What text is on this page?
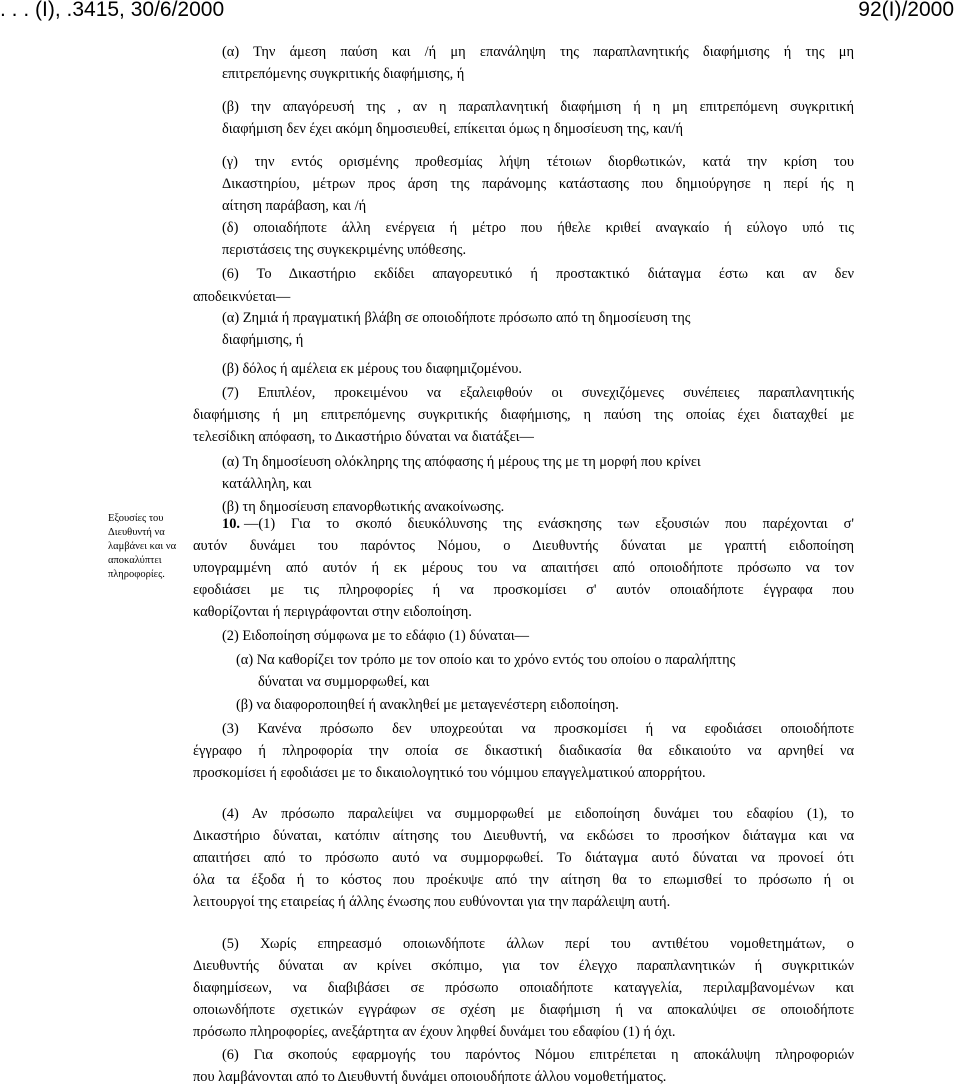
. . . (Ι), .3415, 30/6/2000	92(Ι)/2000
Εξουσίες του
Διευθυντή να
λαμβάνει και να
αποκαλύπτει
πληροφορίες.
(α) Την άμεση παύση και /ή μη επανάληψη της παραπλανητικής διαφήμισης ή της μη
επιτρεπόμενης συγκριτικής διαφήμισης, ή
(β) την απαγόρευσή της , αν η παραπλανητική διαφήμιση ή η μη επιτρεπόμενη συγκριτική
διαφήμιση δεν έχει ακόμη δημοσιευθεί, επίκειται όμως η δημοσίευση της, και/ή
(γ) την εντός ορισμένης προθεσμίας λήψη τέτοιων διορθωτικών, κατά την κρίση του
Δικαστηρίου, μέτρων προς άρση της παράνομης κατάστασης που δημιούργησε η περί ής η
αίτηση παράβαση, και /ή
(δ) οποιαδήποτε άλλη ενέργεια ή μέτρο που ήθελε κριθεί αναγκαίο ή εύλογο υπό τις
περιστάσεις της συγκεκριμένης υπόθεσης.
(6) Το Δικαστήριο εκδίδει απαγορευτικό ή προστακτικό διάταγμα έστω και αν δεν
αποδεικνύεται—
(α) Ζημιά ή πραγματική βλάβη σε οποιοδήποτε πρόσωπο από τη δημοσίευση της
διαφήμισης, ή
(β) δόλος ή αμέλεια εκ μέρους του διαφημιζομένου.
(7) Επιπλέον, προκειμένου να εξαλειφθούν οι συνεχιζόμενες συνέπειες παραπλανητικής
διαφήμισης ή μη επιτρεπόμενης συγκριτικής διαφήμισης, η παύση της οποίας έχει διαταχθεί με
τελεσίδικη απόφαση, το Δικαστήριο δύναται να διατάξει—
(α) Τη δημοσίευση ολόκληρης της απόφασης ή μέρους της με τη μορφή που κρίνει
κατάλληλη, και
(β) τη δημοσίευση επανορθωτικής ανακοίνωσης.
10. —(1) Για το σκοπό διευκόλυνσης της ενάσκησης των εξουσιών που παρέχονται σ'
αυτόν δυνάμει του παρόντος Νόμου, ο Διευθυντής δύναται με γραπτή ειδοποίηση
υπογραμμένη από αυτόν ή εκ μέρους του να απαιτήσει από οποιοδήποτε πρόσωπο να τον
εφοδιάσει με τις πληροφορίες ή να προσκομίσει σ' αυτόν οποιαδήποτε έγγραφα που
καθορίζονται ή περιγράφονται στην ειδοποίηση.
(2) Ειδοποίηση σύμφωνα με το εδάφιο (1) δύναται—
(α) Να καθορίζει τον τρόπο με τον οποίο και το χρόνο εντός του οποίου ο παραλήπτης
δύναται να συμμορφωθεί, και
(β) να διαφοροποιηθεί ή ανακληθεί με μεταγενέστερη ειδοποίηση.
(3) Κανένα πρόσωπο δεν υποχρεούται να προσκομίσει ή να εφοδιάσει οποιοδήποτε
έγγραφο ή πληροφορία την οποία σε δικαστική διαδικασία θα εδικαιούτο να αρνηθεί να
προσκομίσει ή εφοδιάσει με το δικαιολογητικό του νόμιμου επαγγελματικού απορρήτου.
(4) Αν πρόσωπο παραλείψει να συμμορφωθεί με ειδοποίηση δυνάμει του εδαφίου (1), το
Δικαστήριο δύναται, κατόπιν αίτησης του Διευθυντή, να εκδώσει το προσήκον διάταγμα και να
απαιτήσει από το πρόσωπο αυτό να συμμορφωθεί. Το διάταγμα αυτό δύναται να προνοεί ότι
όλα τα έξοδα ή το κόστος που προέκυψε από την αίτηση θα το επωμισθεί το πρόσωπο ή οι
λειτουργοί της εταιρείας ή άλλης ένωσης που ευθύνονται για την παράλειψη αυτή.
(5) Χωρίς επηρεασμό οποιωνδήποτε άλλων περί του αντιθέτου νομοθετημάτων, ο
Διευθυντής δύναται αν κρίνει σκόπιμο, για τον έλεγχο παραπλανητικών ή συγκριτικών
διαφημίσεων, να διαβιβάσει σε πρόσωπο οποιαδήποτε καταγγελία, περιλαμβανομένων και
οποιωνδήποτε σχετικών εγγράφων σε σχέση με διαφήμιση ή να αποκαλύψει σε οποιοδήποτε
πρόσωπο πληροφορίες, ανεξάρτητα αν έχουν ληφθεί δυνάμει του εδαφίου (1) ή όχι.
(6) Για σκοπούς εφαρμογής του παρόντος Νόμου επιτρέπεται η αποκάλυψη πληροφοριών
που λαμβάνονται από το Διευθυντή δυνάμει οποιουδήποτε άλλου νομοθετήματος.
